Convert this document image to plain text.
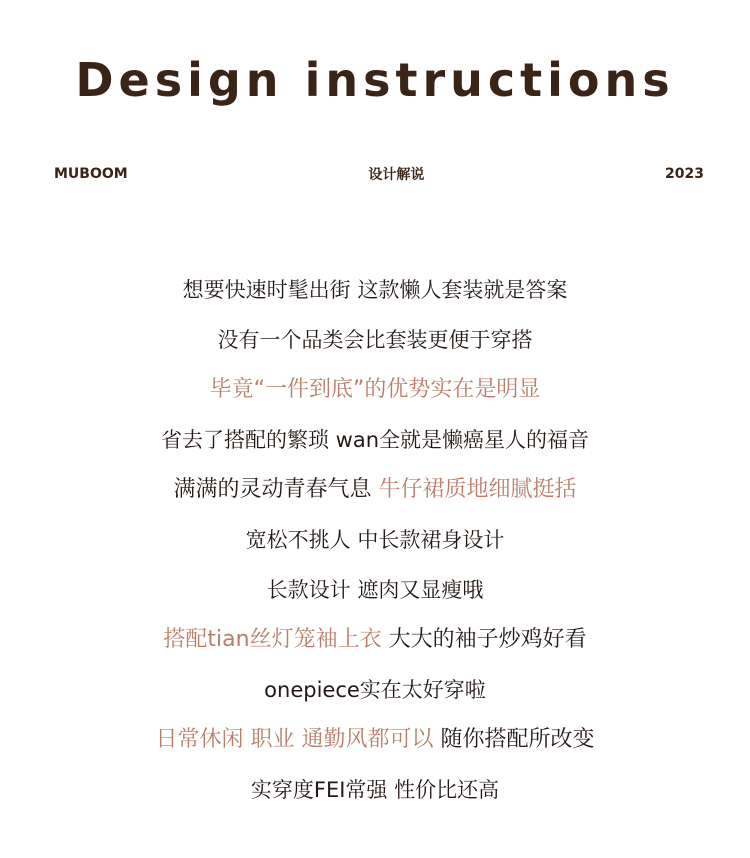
Design instructions
MUBOOM	设计解说	2023
想要快速时髦出街 这款懒人套装就是答案
没有一个品类会比套装更便于穿搭
毕竟“一件到底”的优势实在是明显
省去了搭配的繁琐 wan全就是懒癌星人的福音
满满的灵动青春气息 牛仔裙质地细腻挺括
宽松不挑人 中长款裙身设计
长款设计 遮肉又显瘦哦
搭配tian丝灯笼袖上衣 大大的袖子炒鸡好看
onepiece实在太好穿啦
日常休闲 职业 通勤风都可以 随你搭配所改变
实穿度FEI常强 性价比还高
